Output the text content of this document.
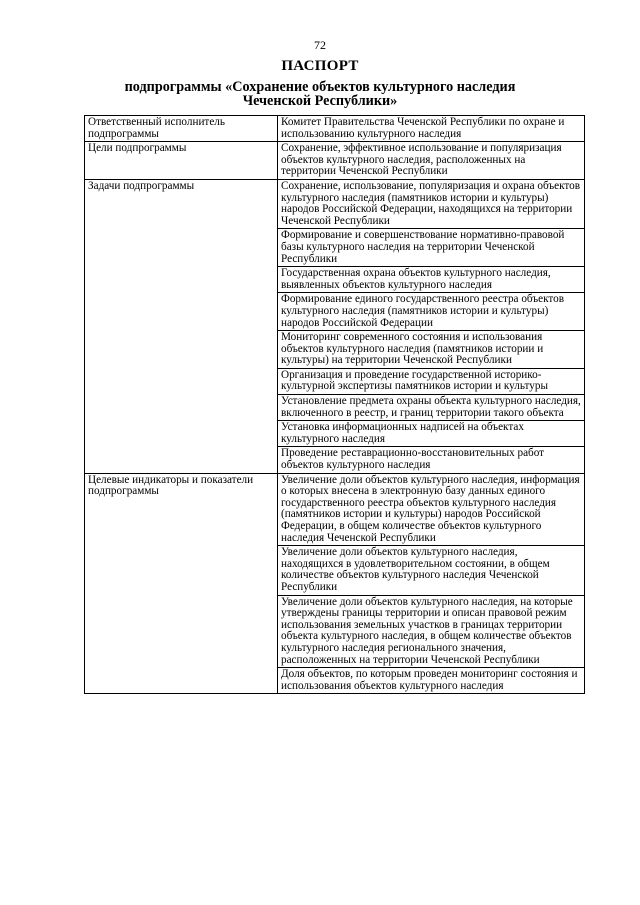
72
ПАСПОРТ
подпрограммы «Сохранение объектов культурного наследия
Чеченской Республики»
Ответственный исполнитель подпрограммы	Комитет Правительства Чеченской Республики по охране и использованию культурного наследия
Цели подпрограммы	Сохранение, эффективное использование и популяризация объектов культурного наследия, расположенных на территории Чеченской Республики
Задачи подпрограммы	Сохранение, использование, популяризация и охрана объектов культурного наследия (памятников истории и культуры) народов Российской Федерации, находящихся на территории Чеченской Республики
	Формирование и совершенствование нормативно-правовой базы культурного наследия на территории Чеченской Республики
	Государственная охрана объектов культурного наследия, выявленных объектов культурного наследия
	Формирование единого государственного реестра объектов культурного наследия (памятников истории и культуры) народов Российской Федерации
	Мониторинг современного состояния и использования объектов культурного наследия (памятников истории и культуры) на территории Чеченской Республики
	Организация и проведение государственной историко-культурной экспертизы памятников истории и культуры
	Установление предмета охраны объекта культурного наследия, включенного в реестр, и границ территории такого объекта
	Установка информационных надписей на объектах культурного наследия
	Проведение реставрационно-восстановительных работ объектов культурного наследия
Целевые индикаторы и показатели подпрограммы	Увеличение доли объектов культурного наследия, информация о которых внесена в электронную базу данных единого государственного реестра объектов культурного наследия (памятников истории и культуры) народов Российской Федерации, в общем количестве объектов культурного наследия Чеченской Республики
	Увеличение доли объектов культурного наследия, находящихся в удовлетворительном состоянии, в общем количестве объектов культурного наследия Чеченской Республики
	Увеличение доли объектов культурного наследия, на которые утверждены границы территории и описан правовой режим использования земельных участков в границах территории объекта культурного наследия, в общем количестве объектов культурного наследия регионального значения, расположенных на территории Чеченской Республики
	Доля объектов, по которым проведен мониторинг состояния и использования объектов культурного наследия
